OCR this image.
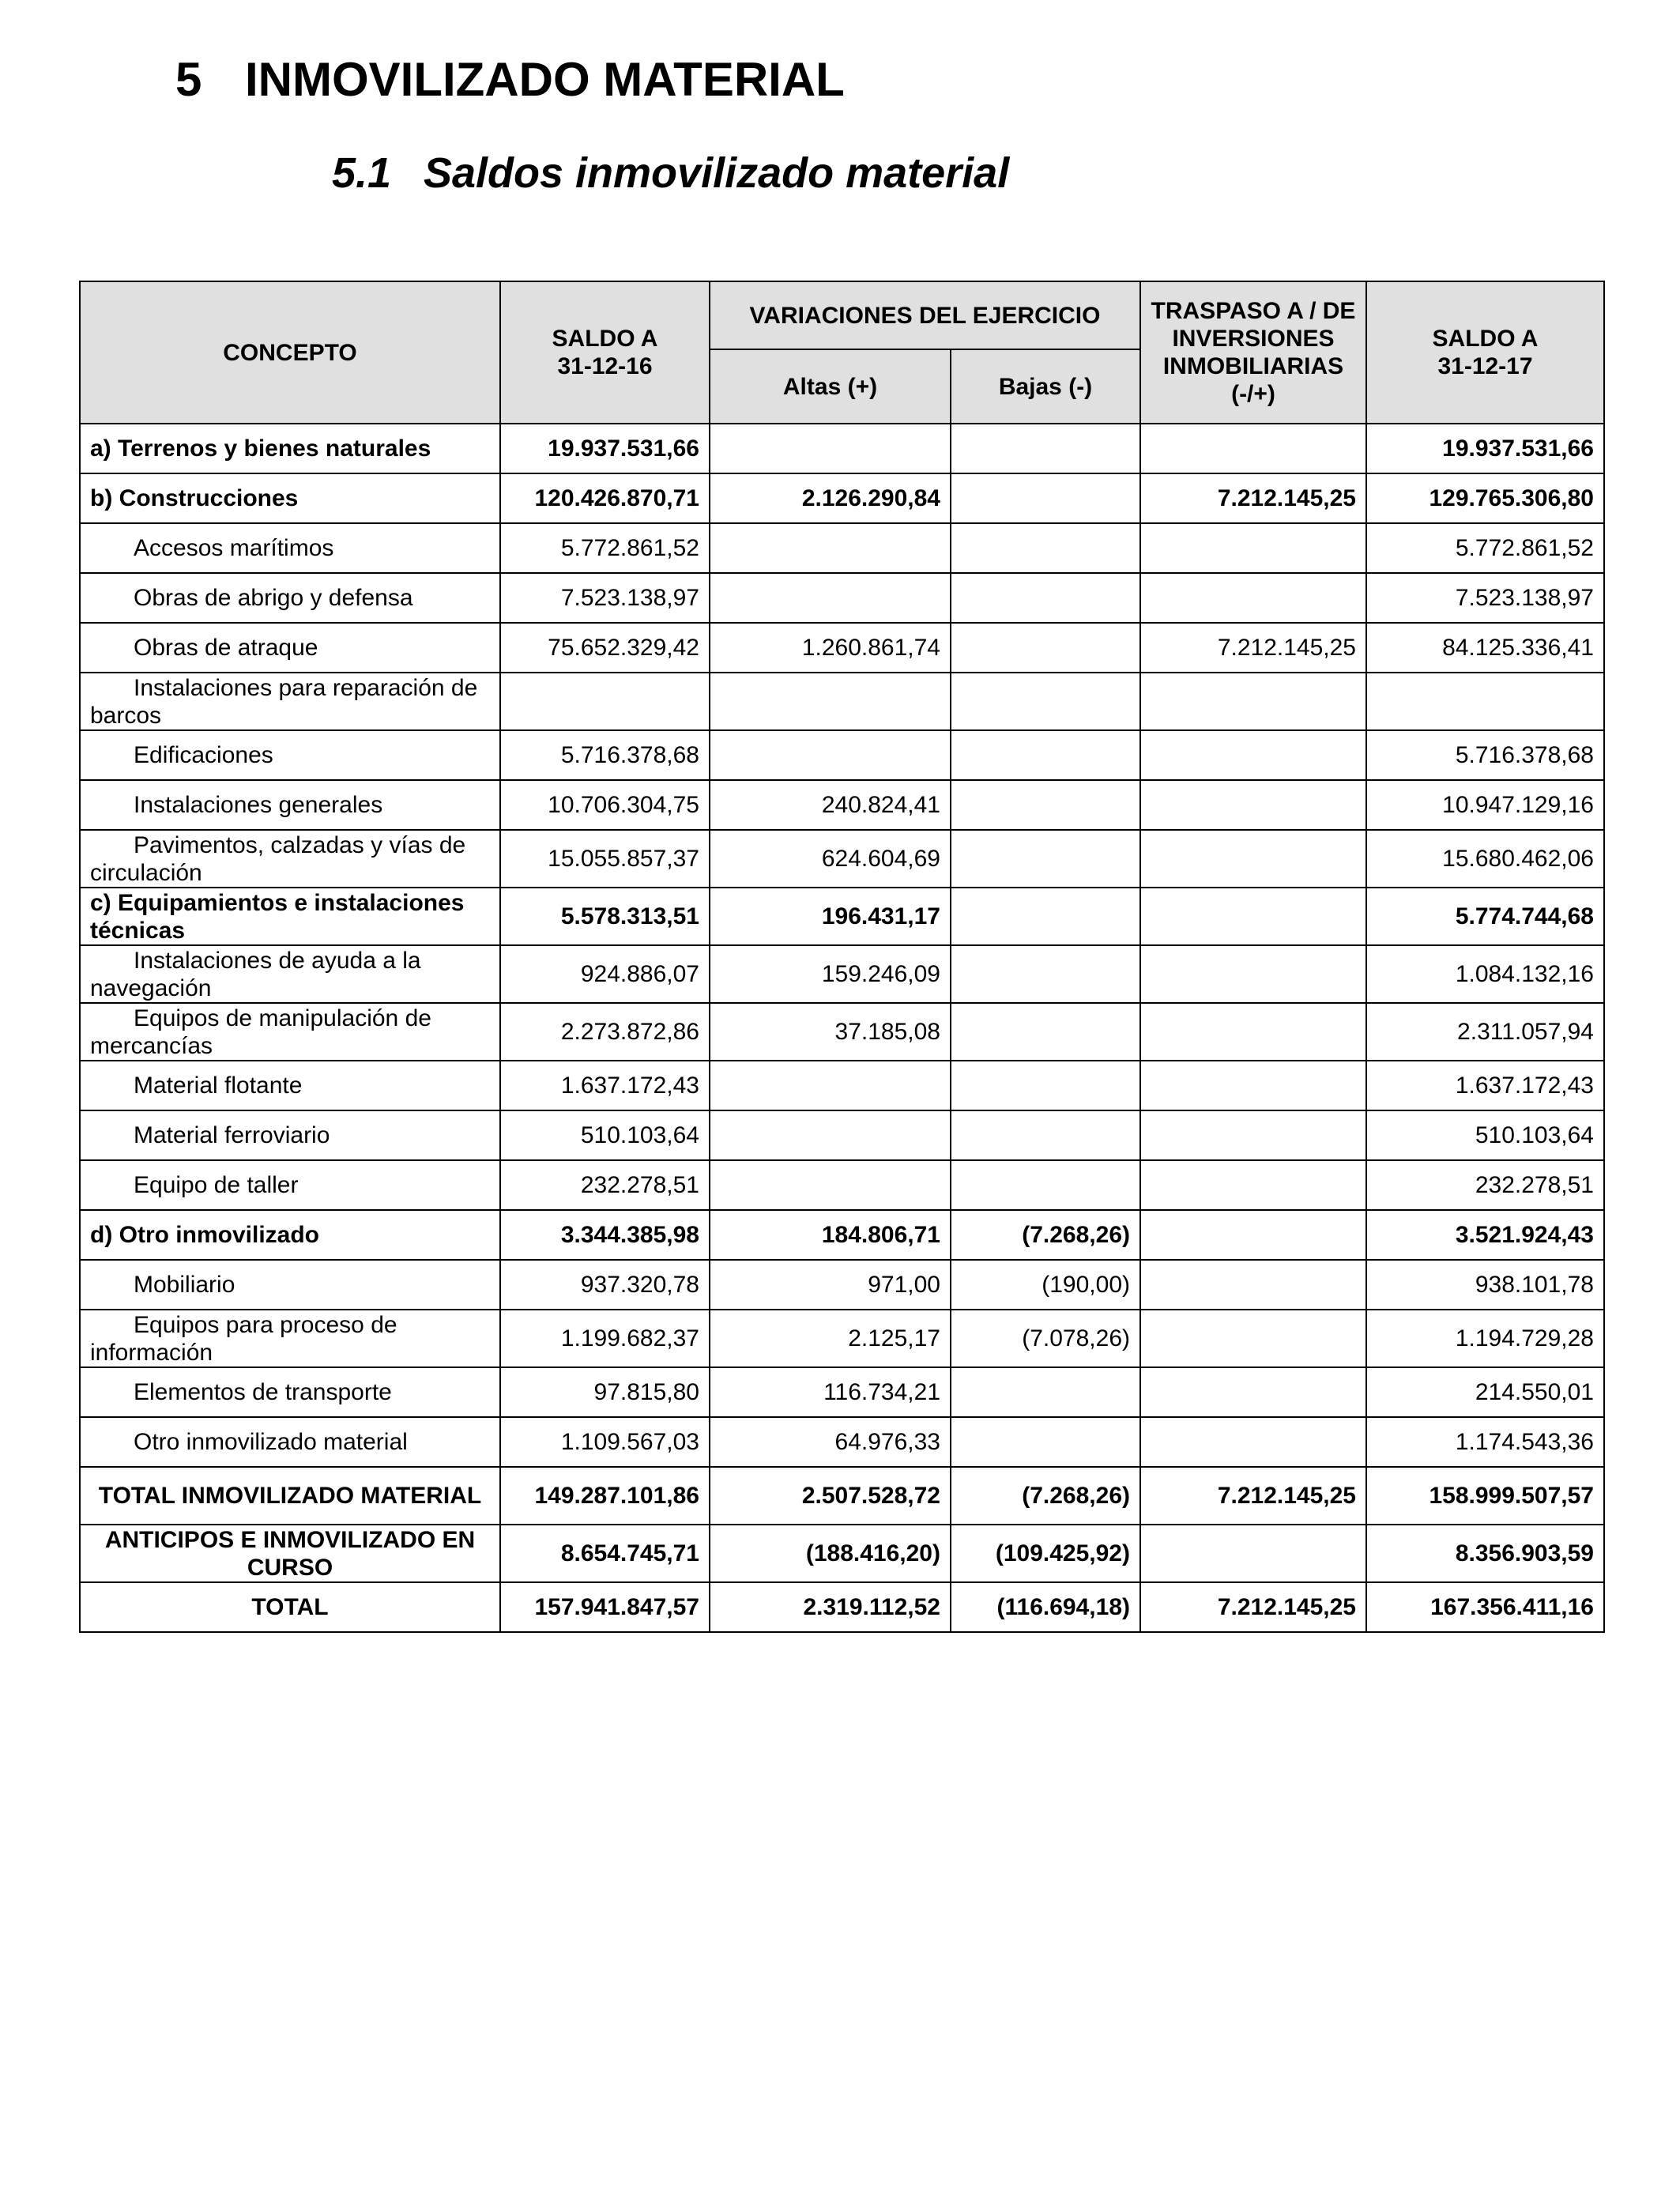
5 INMOVILIZADO MATERIAL
5.1 Saldos inmovilizado material
CONCEPTO	SALDO A 31-12-16	VARIACIONES DEL EJERCICIO		TRASPASO A / DE INVERSIONES INMOBILIARIAS (-/+)	SALDO A 31-12-17

		Altas (+)	Bajas (-)		
a) Terrenos y bienes naturales	19.937.531,66				19.937.531,66
b) Construcciones	120.426.870,71	2.126.290,84		7.212.145,25	129.765.306,80
Accesos marítimos	5.772.861,52				5.772.861,52
Obras de abrigo y defensa	7.523.138,97				7.523.138,97
Obras de atraque	75.652.329,42	1.260.861,74		7.212.145,25	84.125.336,41
Instalaciones para reparación de barcos					
Edificaciones	5.716.378,68				5.716.378,68
Instalaciones generales	10.706.304,75	240.824,41			10.947.129,16
Pavimentos, calzadas y vías de circulación	15.055.857,37	624.604,69			15.680.462,06
c) Equipamientos e instalaciones técnicas	5.578.313,51	196.431,17			5.774.744,68
Instalaciones de ayuda a la navegación	924.886,07	159.246,09			1.084.132,16
Equipos de manipulación de mercancías	2.273.872,86	37.185,08			2.311.057,94
Material flotante	1.637.172,43				1.637.172,43
Material ferroviario	510.103,64				510.103,64
Equipo de taller	232.278,51				232.278,51
d) Otro inmovilizado	3.344.385,98	184.806,71	(7.268,26)		3.521.924,43
Mobiliario	937.320,78	971,00	(190,00)		938.101,78
Equipos para proceso de información	1.199.682,37	2.125,17	(7.078,26)		1.194.729,28
Elementos de transporte	97.815,80	116.734,21			214.550,01
Otro inmovilizado material	1.109.567,03	64.976,33			1.174.543,36
TOTAL INMOVILIZADO MATERIAL	149.287.101,86	2.507.528,72	(7.268,26)	7.212.145,25	158.999.507,57
ANTICIPOS E INMOVILIZADO EN CURSO	8.654.745,71	(188.416,20)	(109.425,92)		8.356.903,59
TOTAL	157.941.847,57	2.319.112,52	(116.694,18)	7.212.145,25	167.356.411,16
